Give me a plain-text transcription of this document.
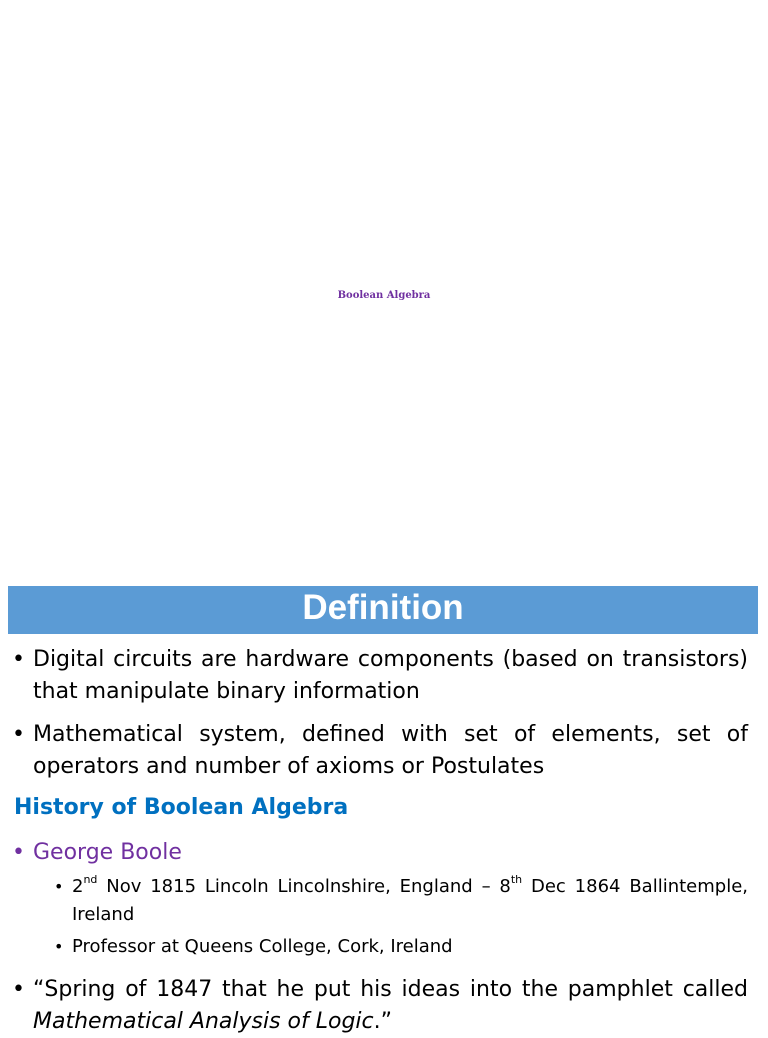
Boolean Algebra
Definition
• Digital circuits are hardware components (based on transistors) that manipulate binary information
• Mathematical system, defined with set of elements, set of operators and number of axioms or Postulates
History of Boolean Algebra
• George Boole
• 2nd Nov 1815 Lincoln Lincolnshire, England – 8th Dec 1864 Ballintemple, Ireland
• Professor at Queens College, Cork, Ireland
• “Spring of 1847 that he put his ideas into the pamphlet called Mathematical Analysis of Logic.”
